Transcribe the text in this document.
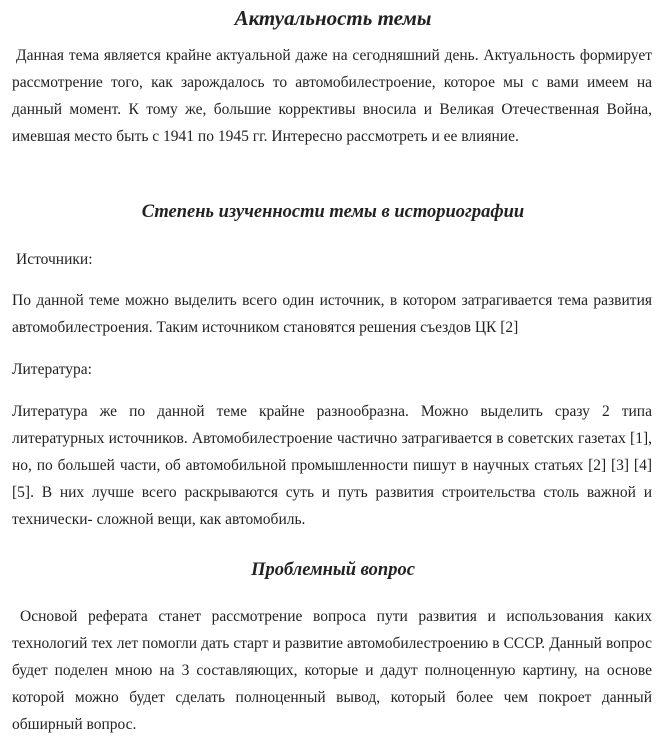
Актуальность темы

Данная тема является крайне актуальной даже на сегодняшний день. Актуальность формирует рассмотрение того, как зарождалось то автомобилестроение, которое мы с вами имеем на данный момент. К тому же, большие коррективы вносила и Великая Отечественная Война, имевшая место быть с 1941 по 1945 гг. Интересно рассмотреть и ее влияние.

Степень изученности темы в историографии

Источники:

По данной теме можно выделить всего один источник, в котором затрагивается тема развития автомобилестроения. Таким источником становятся решения съездов ЦК [2]

Литература:

Литература же по данной теме крайне разнообразна. Можно выделить сразу 2 типа литературных источников. Автомобилестроение частично затрагивается в советских газетах [1], но, по большей части, об автомобильной промышленности пишут в научных статьях [2] [3] [4] [5]. В них лучше всего раскрываются суть и путь развития строительства столь важной и технически- сложной вещи, как автомобиль.

Проблемный вопрос

Основой реферата станет рассмотрение вопроса пути развития и использования каких технологий тех лет помогли дать старт и развитие автомобилестроению в СССР. Данный вопрос будет поделен мною на 3 составляющих, которые и дадут полноценную картину, на основе которой можно будет сделать полноценный вывод, который более чем покроет данный обширный вопрос.
